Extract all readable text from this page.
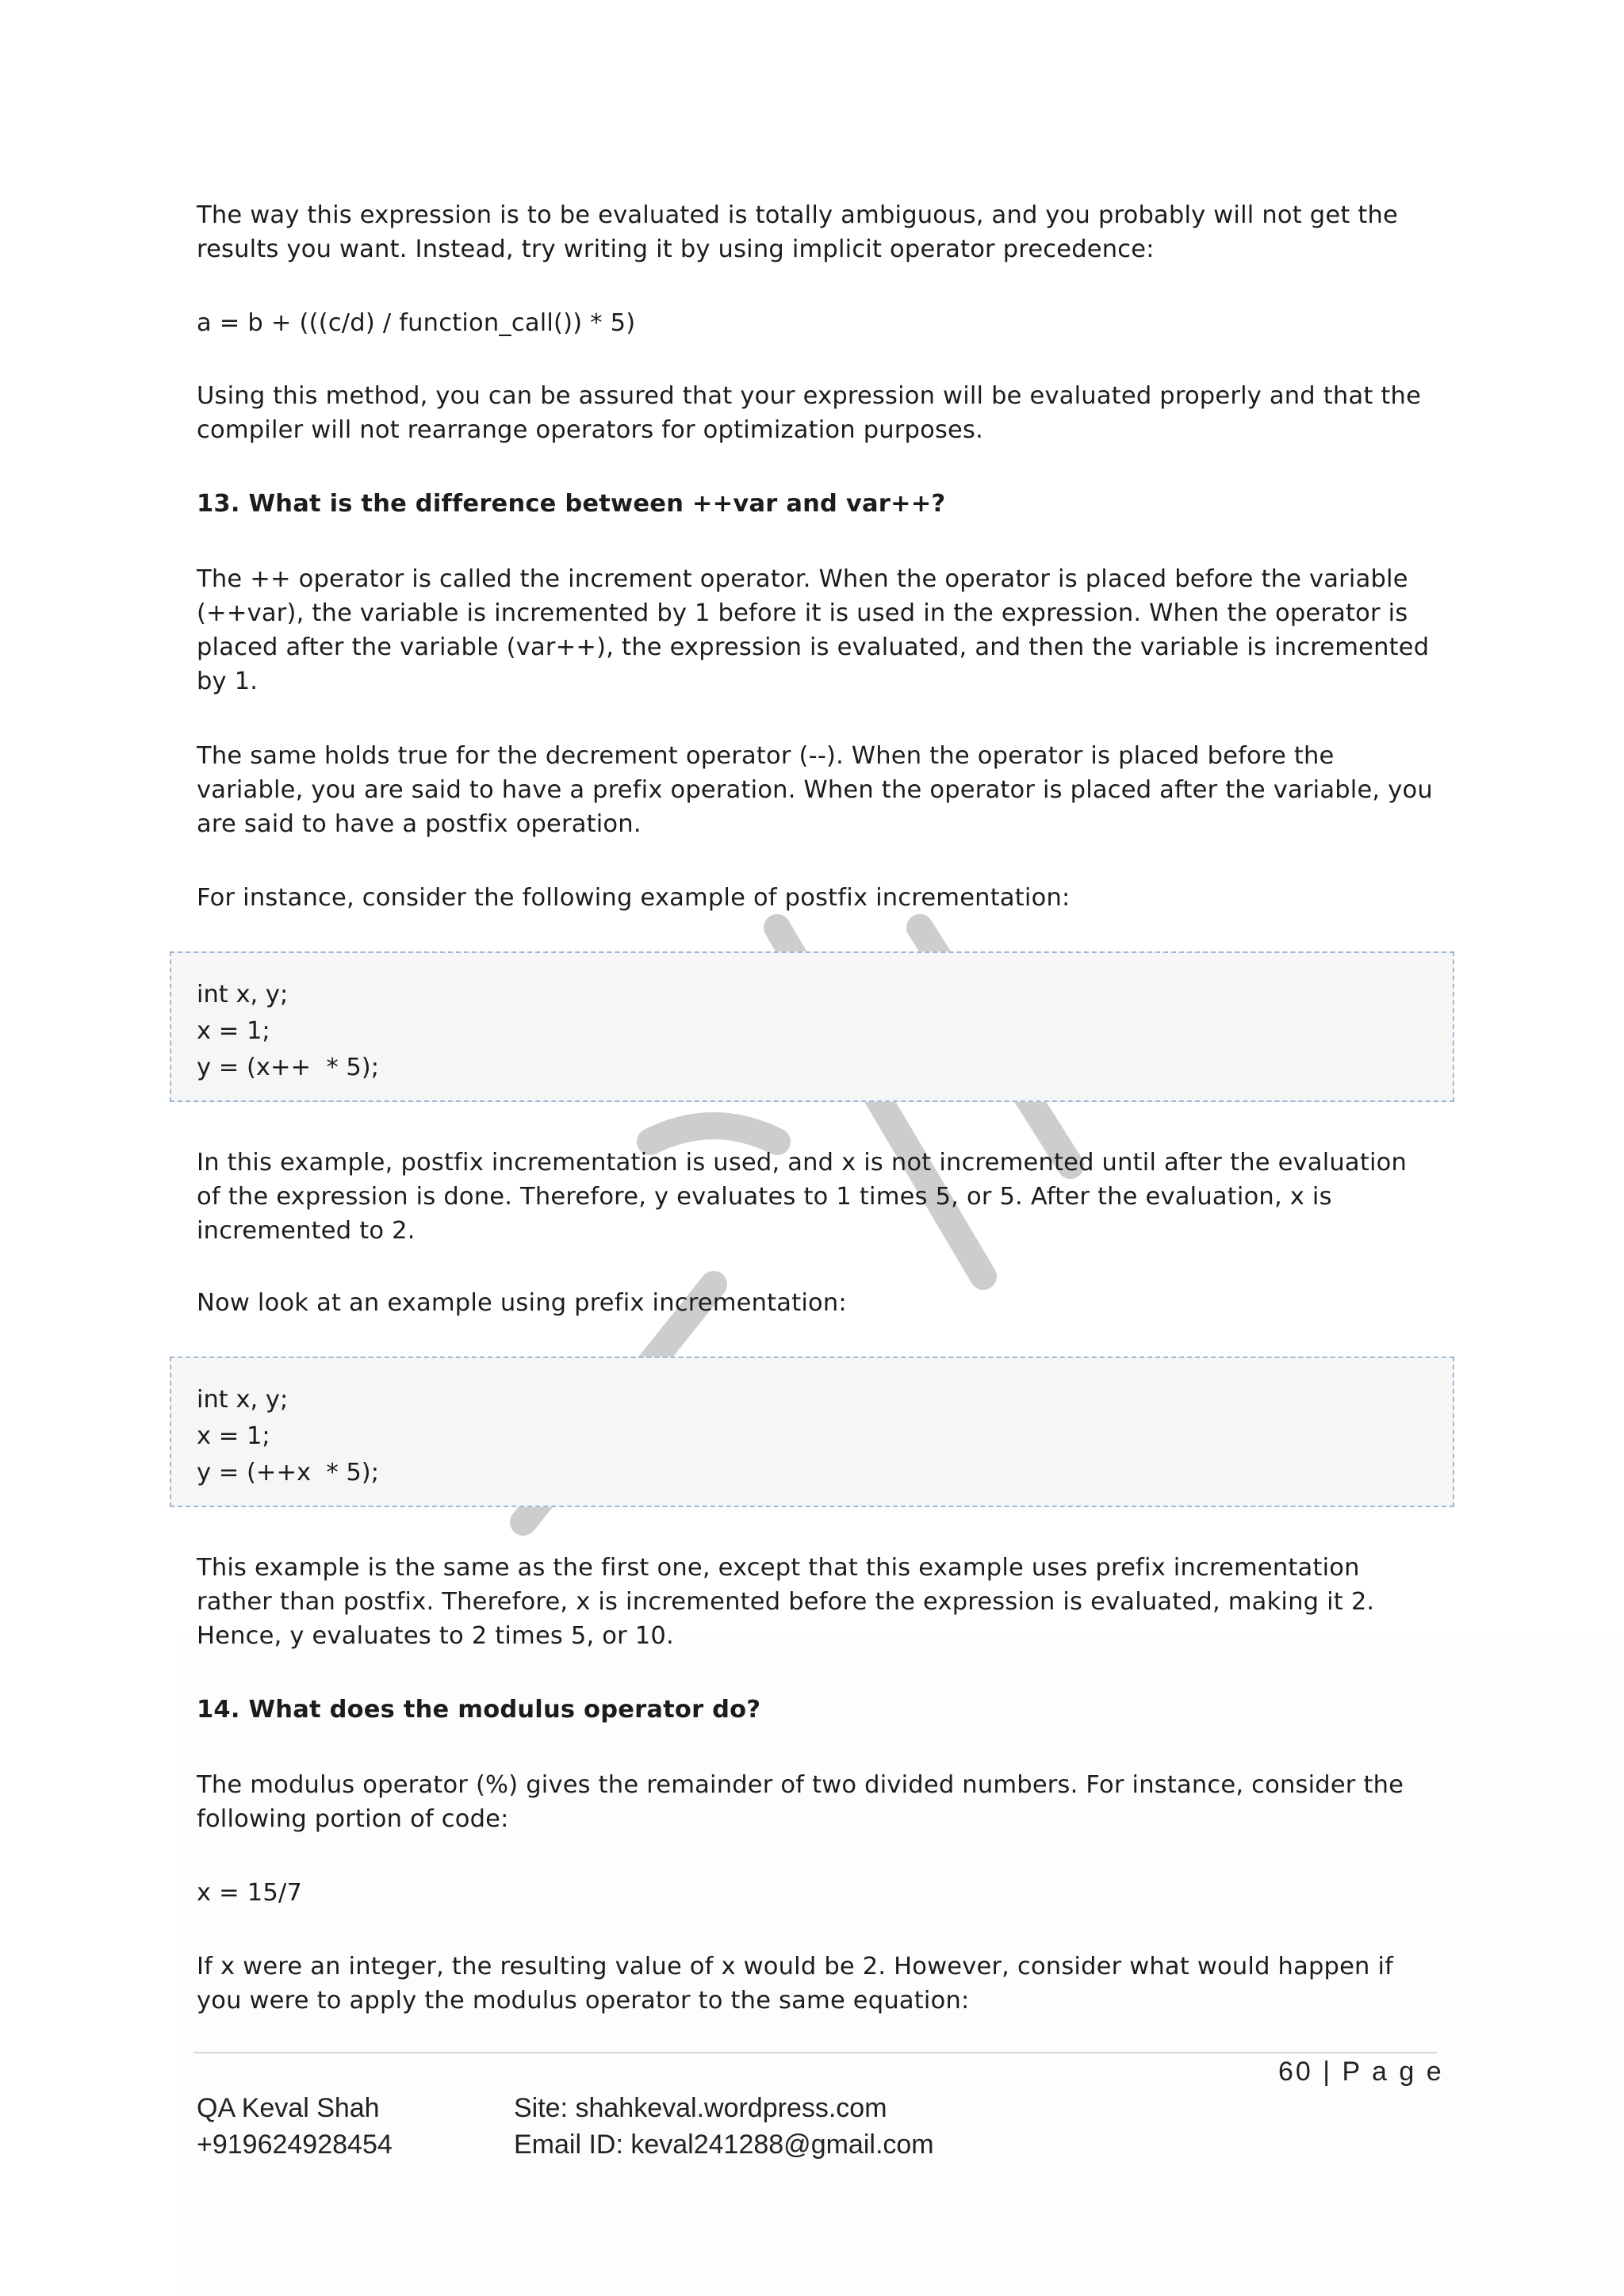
The way this expression is to be evaluated is totally ambiguous, and you probably will not get the results you want. Instead, try writing it by using implicit operator precedence:
a = b + (((c/d) / function_call()) * 5)
Using this method, you can be assured that your expression will be evaluated properly and that the compiler will not rearrange operators for optimization purposes.
13. What is the difference between ++var and var++?
The ++ operator is called the increment operator. When the operator is placed before the variable (++var), the variable is incremented by 1 before it is used in the expression. When the operator is placed after the variable (var++), the expression is evaluated, and then the variable is incremented by 1.
The same holds true for the decrement operator (--). When the operator is placed before the variable, you are said to have a prefix operation. When the operator is placed after the variable, you are said to have a postfix operation.
For instance, consider the following example of postfix incrementation:
int x, y;
x = 1;
y = (x++  * 5);
In this example, postfix incrementation is used, and x is not incremented until after the evaluation of the expression is done. Therefore, y evaluates to 1 times 5, or 5. After the evaluation, x is incremented to 2.
Now look at an example using prefix incrementation:
int x, y;
x = 1;
y = (++x  * 5);
This example is the same as the first one, except that this example uses prefix incrementation rather than postfix. Therefore, x is incremented before the expression is evaluated, making it 2. Hence, y evaluates to 2 times 5, or 10.
14. What does the modulus operator do?
The modulus operator (%) gives the remainder of two divided numbers. For instance, consider the following portion of code:
x = 15/7
If x were an integer, the resulting value of x would be 2. However, consider what would happen if you were to apply the modulus operator to the same equation:
60 | P a g e
QA Keval Shah
+919624928454
Site: shahkeval.wordpress.com
Email ID: keval241288@gmail.com
